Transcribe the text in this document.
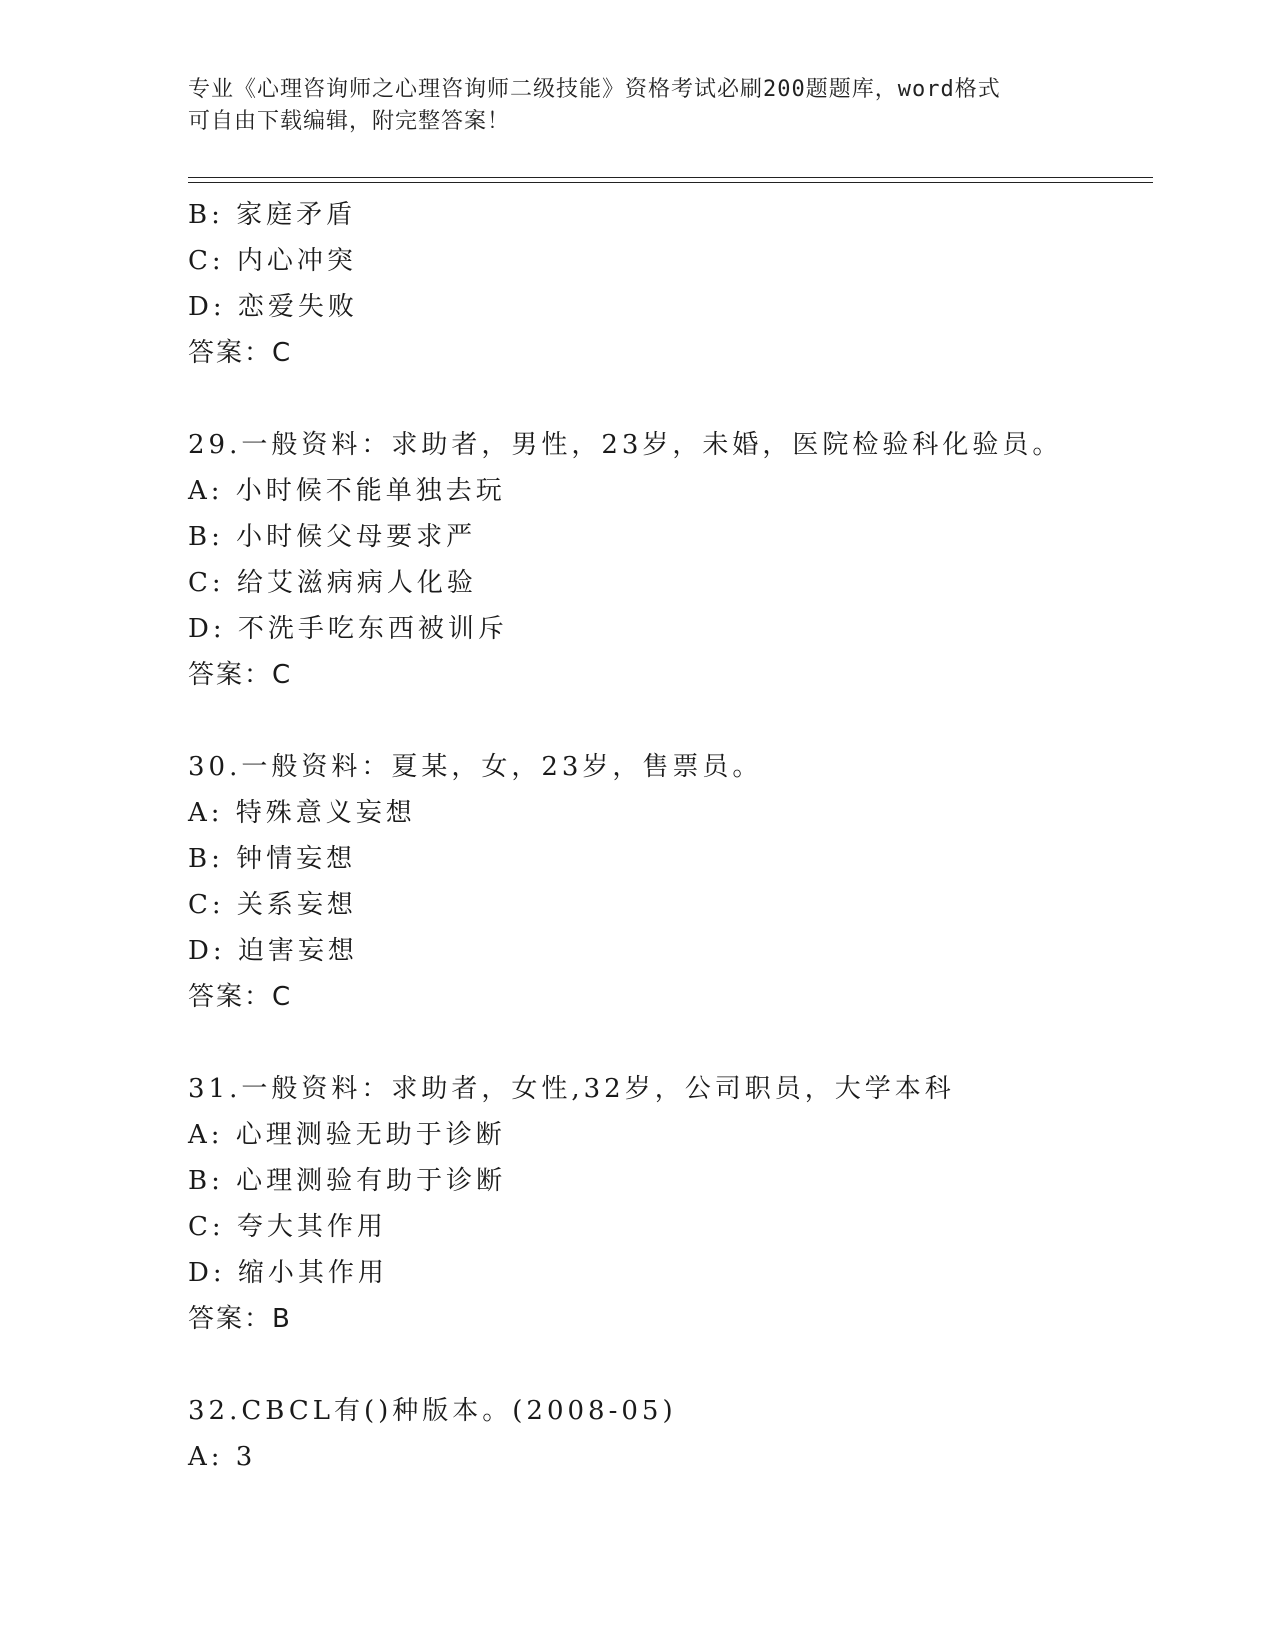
专业《心理咨询师之心理咨询师二级技能》资格考试必刷200题题库，word格式
可自由下载编辑，附完整答案！
B: 家庭矛盾
C: 内心冲突
D: 恋爱失败
答案：C
29.一般资料：求助者，男性，23岁，未婚，医院检验科化验员。
A: 小时候不能单独去玩
B: 小时候父母要求严
C: 给艾滋病病人化验
D: 不洗手吃东西被训斥
答案：C
30.一般资料：夏某，女，23岁，售票员。
A: 特殊意义妄想
B: 钟情妄想
C: 关系妄想
D: 迫害妄想
答案：C
31.一般资料：求助者，女性,32岁，公司职员，大学本科
A: 心理测验无助于诊断
B: 心理测验有助于诊断
C: 夸大其作用
D: 缩小其作用
答案：B
32.CBCL有()种版本。(2008-05)
A: 3
